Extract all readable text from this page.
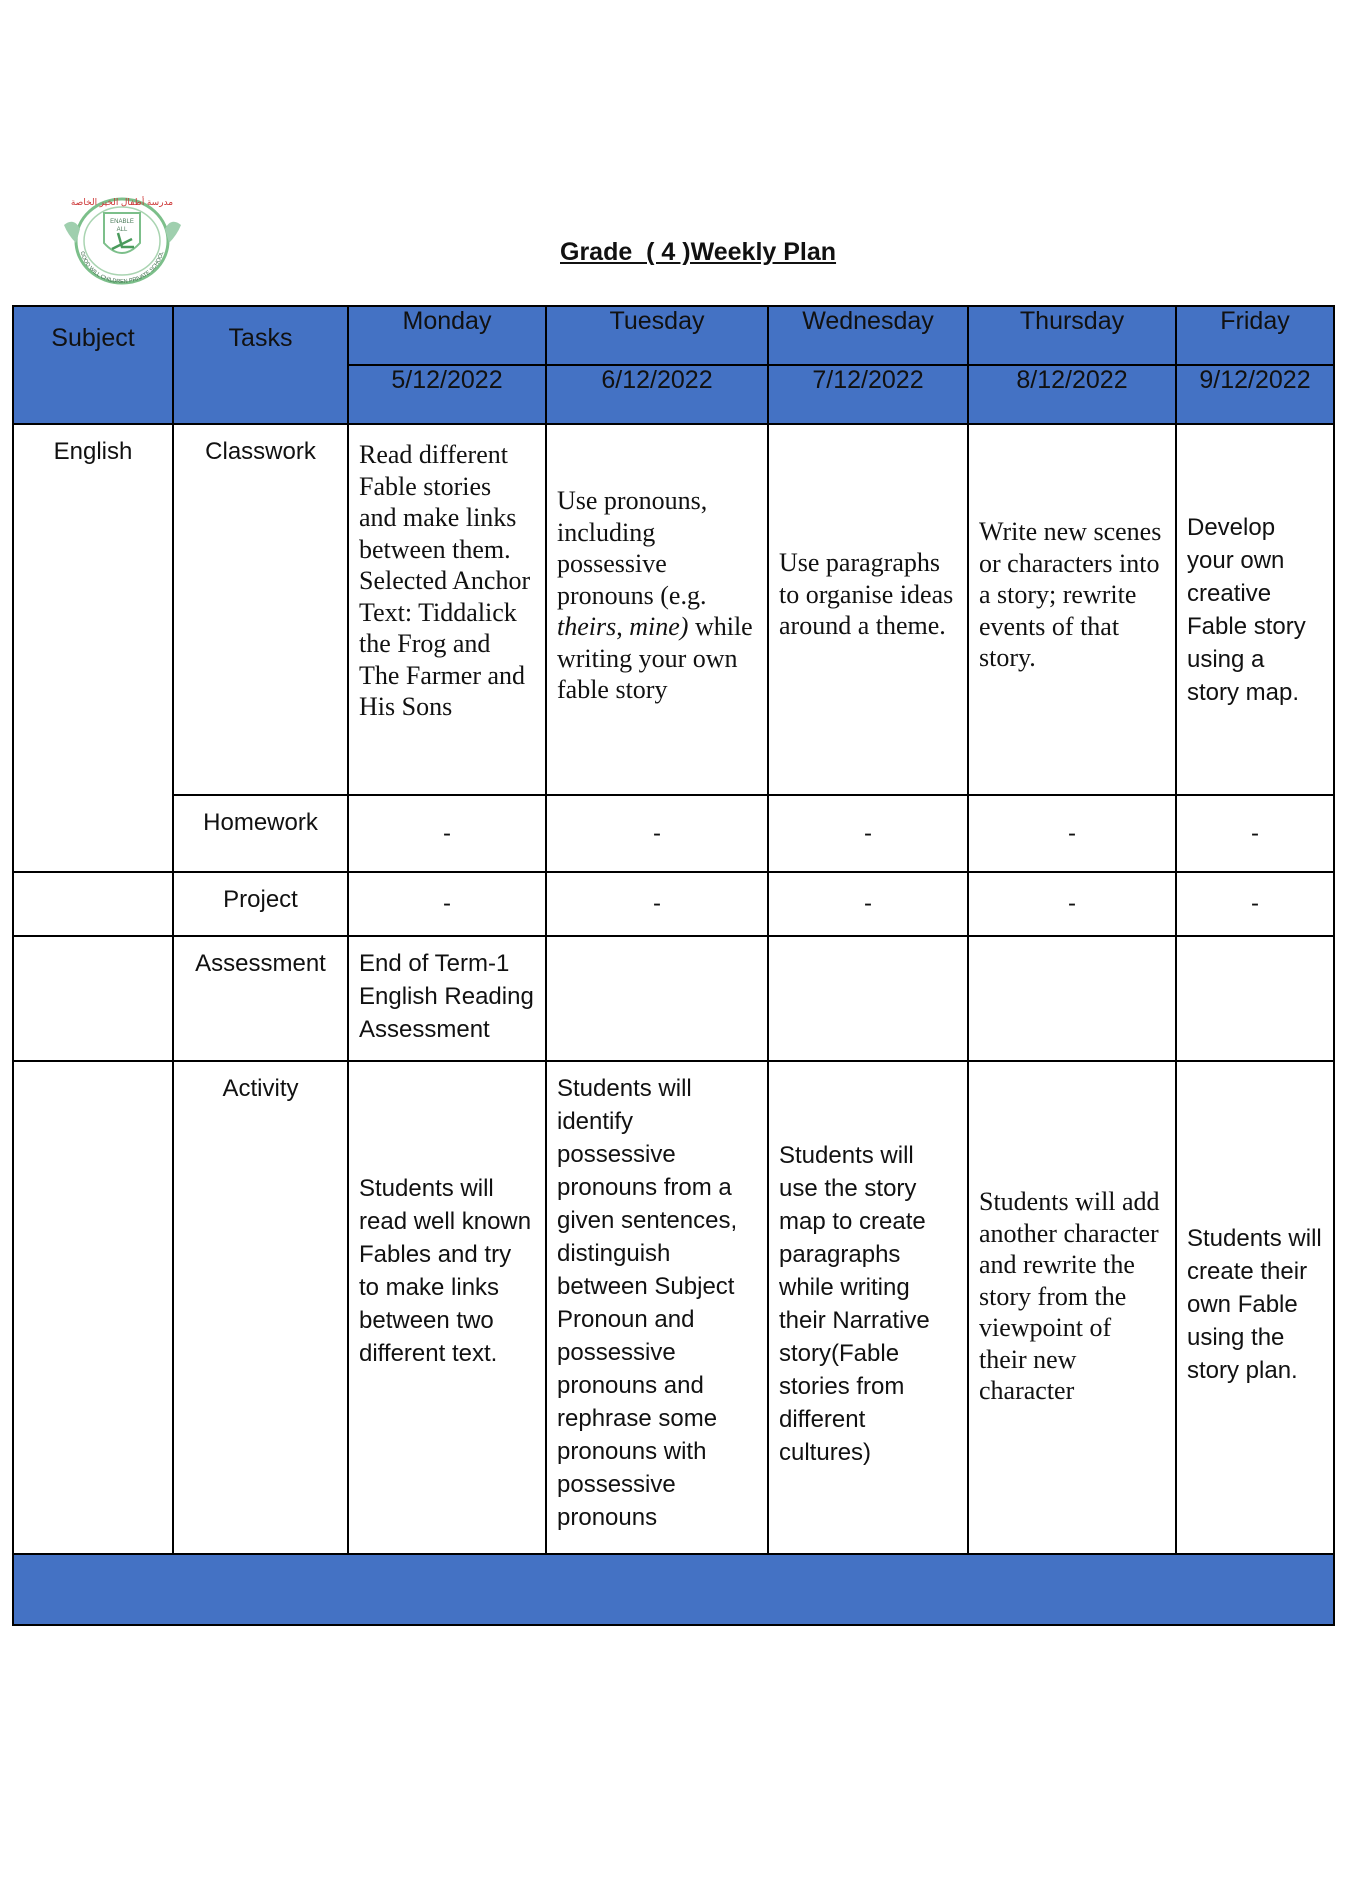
مدرسة أطفال الخير الخاصة
ENABLE
ALL
GOOD WILL CHILDREN PRIVATE SCHOOL	Grade  ( 4 )Weekly Plan
Subject	Tasks	Monday	Tuesday	Wednesday	Thursday	Friday
		5/12/2022	6/12/2022	7/12/2022	8/12/2022	9/12/2022
English	Classwork	Read different Fable stories and make links between them. Selected Anchor Text: Tiddalick the Frog and The Farmer and His Sons	Use pronouns, including possessive pronouns (e.g. theirs, mine) while writing your own fable story	Use paragraphs to organise ideas around a theme.	Write new scenes or characters into a story; rewrite events of that story.	Develop your own creative Fable story using a story map.
	Homework	-	-	-	-	-
	Project	-	-	-	-	-
	Assessment	End of Term-1 English Reading Assessment				
	Activity	Students will read well known Fables and try to make links between two different text.	Students will identify possessive pronouns from a given sentences, distinguish between Subject Pronoun and possessive pronouns and rephrase some pronouns with possessive pronouns	Students will use the story map to create paragraphs while writing their Narrative story(Fable stories from different cultures)	Students will add another character and rewrite the story from the viewpoint of their new character	Students will create their own Fable using the story plan.
